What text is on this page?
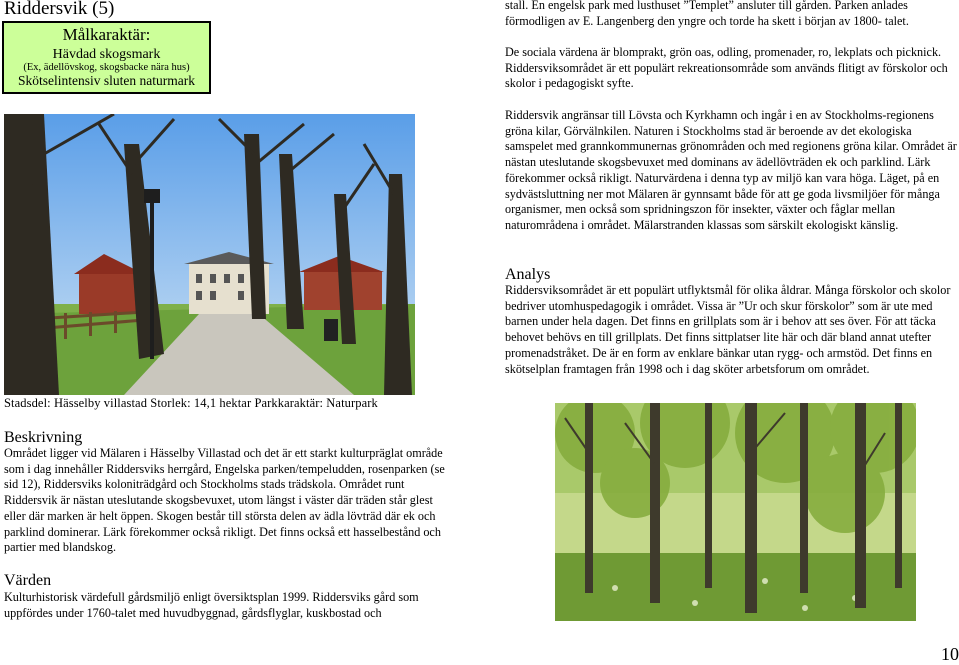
Riddersvik (5)
Målkaraktär:
Hävdad skogsmark
(Ex, ädellövskog, skogsbacke nära hus)
Skötselintensiv sluten naturmark
Stadsdel: Hässelby villastad Storlek: 14,1 hektar Parkkaraktär: Naturpark
Beskrivning
Området ligger vid Mälaren i Hässelby Villastad och det är ett starkt kulturpräglat område som i dag innehåller Riddersviks herrgård, Engelska parken/tempeludden, rosenparken (se sid 12), Riddersviks koloniträdgård och Stockholms stads trädskola. Området runt Riddersvik är nästan uteslutande skogsbevuxet, utom längst i väster där träden står glest eller där marken är helt öppen. Skogen består till största delen av ädla lövträd där ek och parklind dominerar. Lärk förekommer också rikligt. Det finns också ett hasselbestånd och partier med blandskog.
Värden
Kulturhistorisk värdefull gårdsmiljö enligt översiktsplan 1999. Riddersviks gård som uppfördes under 1760-talet med huvudbyggnad, gårdsflyglar, kuskbostad och
stall. En engelsk park med lusthuset ”Templet” ansluter till gården. Parken anlades förmodligen av E. Langenberg den yngre och torde ha skett i början av 1800- talet.
De sociala värdena är blomprakt, grön oas, odling, promenader, ro, lekplats och picknick. Riddersviksområdet är ett populärt rekreationsområde som används flitigt av förskolor och skolor i pedagogiskt syfte.
Riddersvik angränsar till Lövsta och Kyrkhamn och ingår i en av Stockholms-regionens gröna kilar, Görvälnkilen. Naturen i Stockholms stad är beroende av det ekologiska samspelet med grannkommunernas grönområden och med regionens gröna kilar. Området är nästan uteslutande skogsbevuxet med dominans av ädellövträden ek och parklind. Lärk förekommer också rikligt. Naturvärdena i denna typ av miljö kan vara höga. Läget, på en sydvästsluttning ner mot Mälaren är gynnsamt både för att ge goda livsmiljöer för många organismer, men också som spridningszon för insekter, växter och fåglar mellan naturområdena i området. Mälarstranden klassas som särskilt ekologiskt känslig.
Analys
Riddersviksområdet är ett populärt utflyktsmål för olika åldrar. Många förskolor och skolor bedriver utomhuspedagogik i området. Vissa är ”Ur och skur förskolor” som är ute med barnen under hela dagen. Det finns en grillplats som är i behov att ses över. För att täcka behovet behövs en till grillplats. Det finns sittplatser lite här och där bland annat utefter promenadstråket. De är en form av enklare bänkar utan rygg- och armstöd. Det finns en skötselplan framtagen från 1998 och i dag sköter arbetsforum om området.
10
